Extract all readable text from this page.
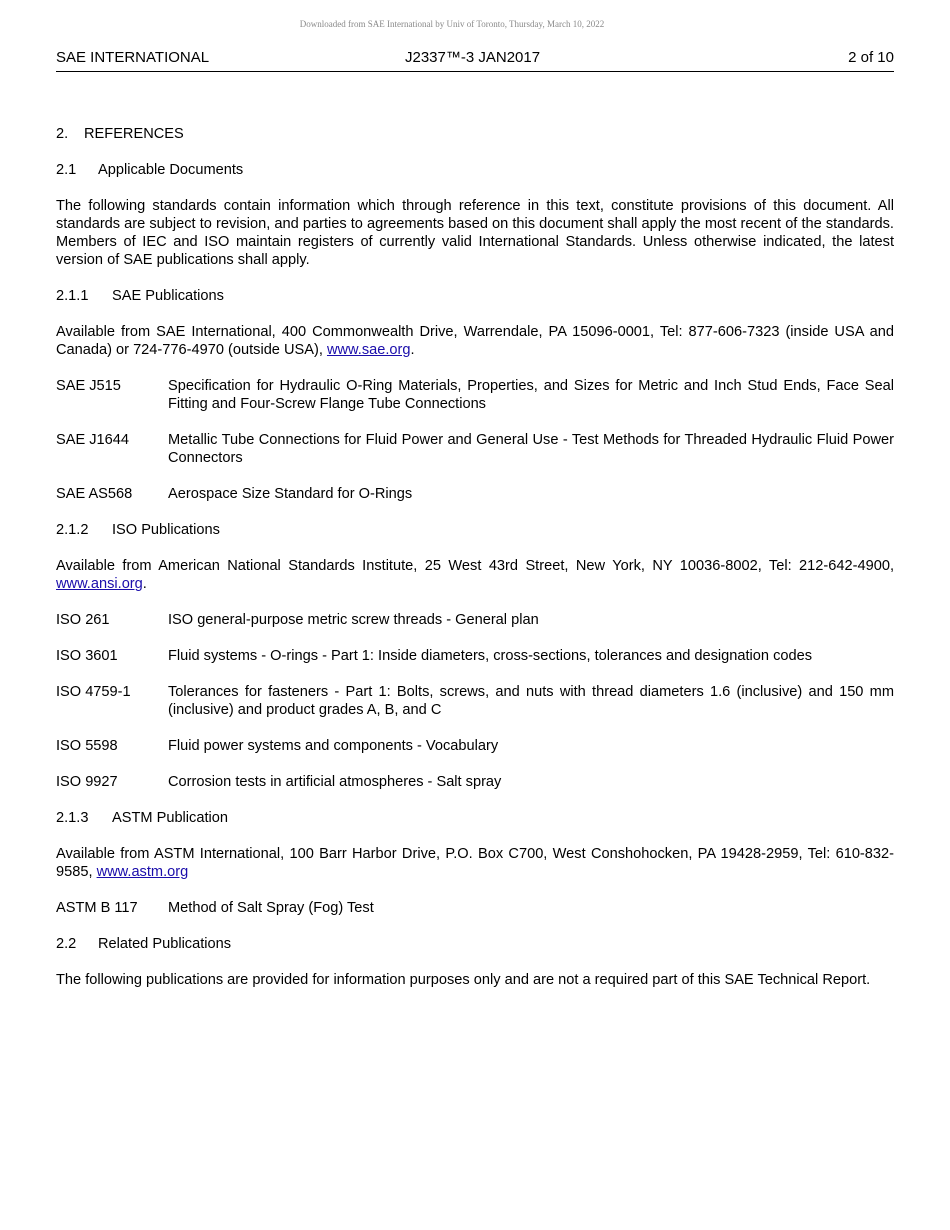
Downloaded from SAE International by Univ of Toronto, Thursday, March 10, 2022
SAE INTERNATIONAL	J2337™-3 JAN2017	2 of 10
2. REFERENCES
2.1 Applicable Documents
The following standards contain information which through reference in this text, constitute provisions of this document. All standards are subject to revision, and parties to agreements based on this document shall apply the most recent of the standards. Members of IEC and ISO maintain registers of currently valid International Standards. Unless otherwise indicated, the latest version of SAE publications shall apply.
2.1.1 SAE Publications
Available from SAE International, 400 Commonwealth Drive, Warrendale, PA 15096-0001, Tel: 877-606-7323 (inside USA and Canada) or 724-776-4970 (outside USA), www.sae.org.
SAE J515	Specification for Hydraulic O-Ring Materials, Properties, and Sizes for Metric and Inch Stud Ends, Face Seal Fitting and Four-Screw Flange Tube Connections
SAE J1644	Metallic Tube Connections for Fluid Power and General Use - Test Methods for Threaded Hydraulic Fluid Power Connectors
SAE AS568	Aerospace Size Standard for O-Rings
2.1.2 ISO Publications
Available from American National Standards Institute, 25 West 43rd Street, New York, NY 10036-8002, Tel: 212-642-4900, www.ansi.org.
ISO 261	ISO general-purpose metric screw threads - General plan
ISO 3601	Fluid systems - O-rings - Part 1: Inside diameters, cross-sections, tolerances and designation codes
ISO 4759-1	Tolerances for fasteners - Part 1: Bolts, screws, and nuts with thread diameters 1.6 (inclusive) and 150 mm (inclusive) and product grades A, B, and C
ISO 5598	Fluid power systems and components - Vocabulary
ISO 9927	Corrosion tests in artificial atmospheres - Salt spray
2.1.3 ASTM Publication
Available from ASTM International, 100 Barr Harbor Drive, P.O. Box C700, West Conshohocken, PA 19428-2959, Tel: 610-832-9585, www.astm.org
ASTM B 117	Method of Salt Spray (Fog) Test
2.2 Related Publications
The following publications are provided for information purposes only and are not a required part of this SAE Technical Report.
